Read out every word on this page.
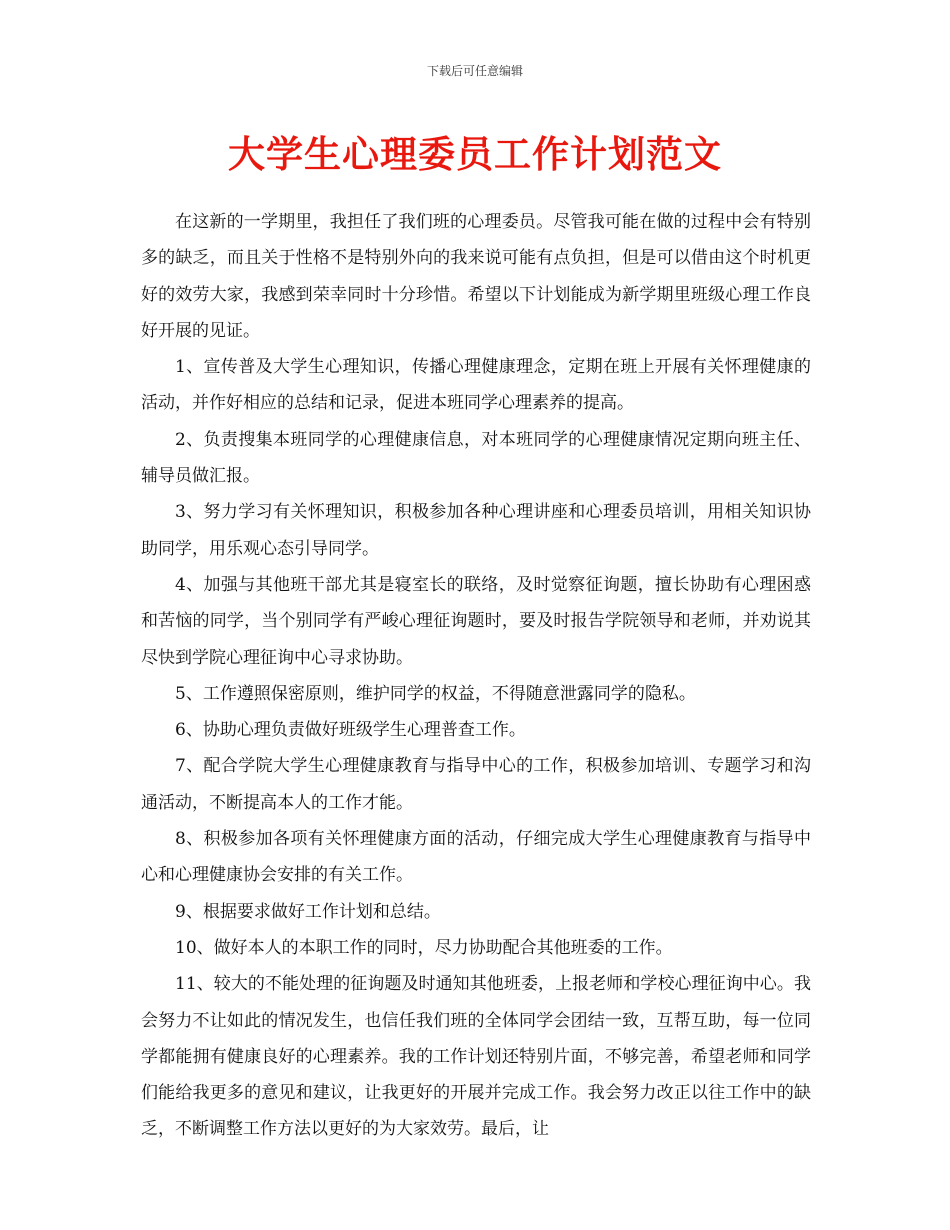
下载后可任意编辑
大学生心理委员工作计划范文

在这新的一学期里，我担任了我们班的心理委员。尽管我可能在做的过程中会有特别多的缺乏，而且关于性格不是特别外向的我来说可能有点负担，但是可以借由这个时机更好的效劳大家，我感到荣幸同时十分珍惜。希望以下计划能成为新学期里班级心理工作良好开展的见证。

1、宣传普及大学生心理知识，传播心理健康理念，定期在班上开展有关怀理健康的活动，并作好相应的总结和记录，促进本班同学心理素养的提高。

2、负责搜集本班同学的心理健康信息，对本班同学的心理健康情况定期向班主任、辅导员做汇报。

3、努力学习有关怀理知识，积极参加各种心理讲座和心理委员培训，用相关知识协助同学，用乐观心态引导同学。

4、加强与其他班干部尤其是寝室长的联络，及时觉察征询题，擅长协助有心理困惑和苦恼的同学，当个别同学有严峻心理征询题时，要及时报告学院领导和老师，并劝说其尽快到学院心理征询中心寻求协助。

5、工作遵照保密原则，维护同学的权益，不得随意泄露同学的隐私。

6、协助心理负责做好班级学生心理普查工作。

7、配合学院大学生心理健康教育与指导中心的工作，积极参加培训、专题学习和沟通活动，不断提高本人的工作才能。

8、积极参加各项有关怀理健康方面的活动，仔细完成大学生心理健康教育与指导中心和心理健康协会安排的有关工作。

9、根据要求做好工作计划和总结。

10、做好本人的本职工作的同时，尽力协助配合其他班委的工作。

11、较大的不能处理的征询题及时通知其他班委，上报老师和学校心理征询中心。我会努力不让如此的情况发生，也信任我们班的全体同学会团结一致，互帮互助，每一位同学都能拥有健康良好的心理素养。我的工作计划还特别片面，不够完善，希望老师和同学们能给我更多的意见和建议，让我更好的开展并完成工作。我会努力改正以往工作中的缺乏，不断调整工作方法以更好的为大家效劳。最后，让
